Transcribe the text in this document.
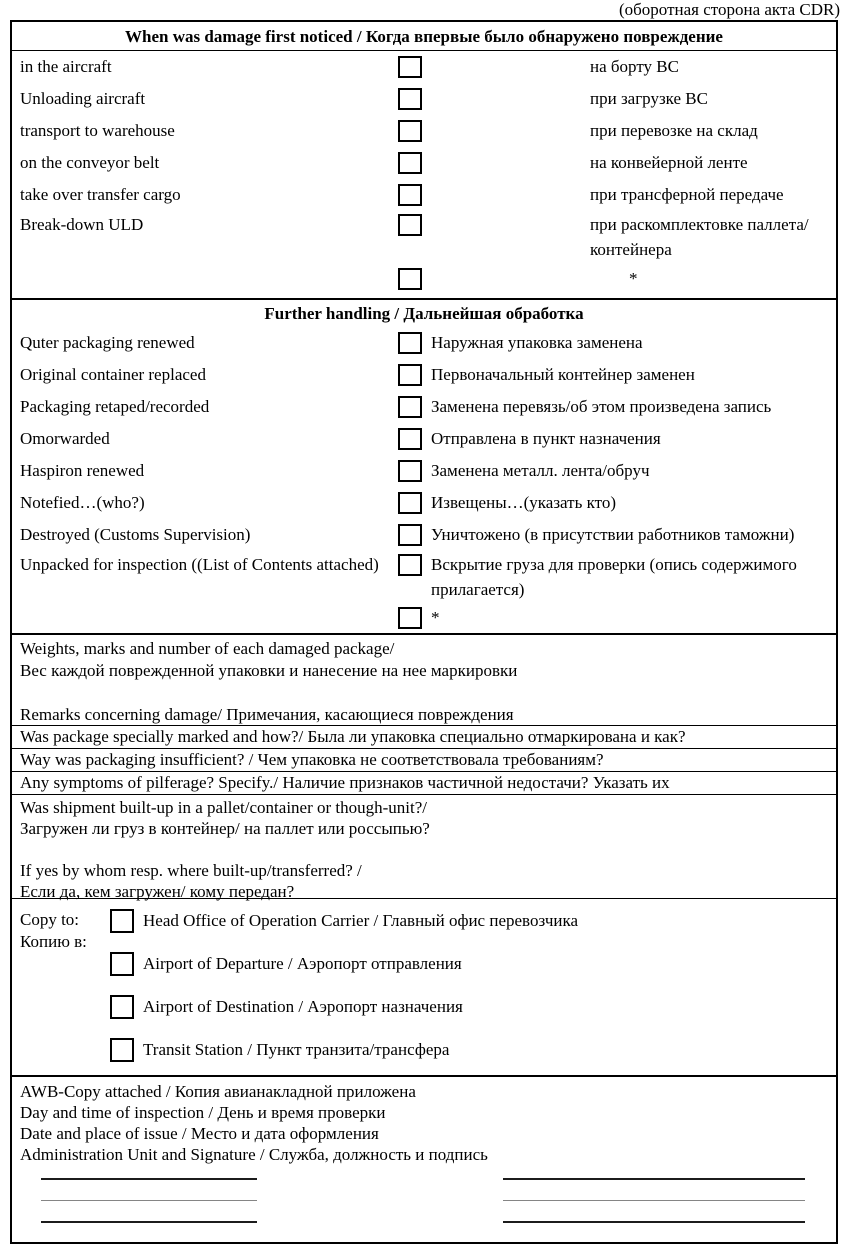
(оборотная сторона акта CDR)
When was damage first noticed / Когда впервые было обнаружено повреждение
in the aircraft	на борту ВС
Unloading aircraft	при загрузке ВС
transport to warehouse	при перевозке на склад
on the conveyor belt	на конвейерной ленте
take over transfer cargo	при трансферной передаче
Break-down ULD	при раскомплектовке паллета/контейнера
*
Further handling / Дальнейшая обработка
Quter packaging renewed	Наружная упаковка заменена
Original container replaced	Первоначальный контейнер заменен
Packaging retaped/recorded	Заменена перевязь/об этом произведена запись
Omorwarded	Отправлена в пункт назначения
Haspiron renewed	Заменена металл. лента/обруч
Notefied…(who?)	Извещены…(указать кто)
Destroyed (Customs Supervision)	Уничтожено (в присутствии работников таможни)
Unpacked for inspection ((List of Contents attached)	Вскрытие груза для проверки (опись содержимого прилагается)
*
Weights, marks and number of each damaged package/
Вес каждой поврежденной упаковки и нанесение на нее маркировки
Remarks concerning damage/ Примечания, касающиеся повреждения
Was package specially marked and how?/ Была ли упаковка специально отмаркирована и как?
Way was packaging insufficient? / Чем упаковка не соответствовала требованиям?
Any symptoms of pilferage? Specify./ Наличие признаков частичной недостачи? Указать их
Was shipment built-up in a pallet/container or though-unit?/
Загружен ли груз в контейнер/ на паллет или россыпью?
If yes by whom resp. where built-up/transferred? /
Если да, кем загружен/ кому передан?
Copy to:
Копию в:
Head Office of Operation Carrier / Главный офис перевозчика
Airport of Departure / Аэропорт отправления
Airport of Destination / Аэропорт назначения
Transit Station / Пункт транзита/трансфера
AWB-Copy attached / Копия авианакладной приложена
Day and time of inspection / День и время проверки
Date and place of issue / Место и дата оформления
Administration Unit and Signature / Служба, должность и подпись
